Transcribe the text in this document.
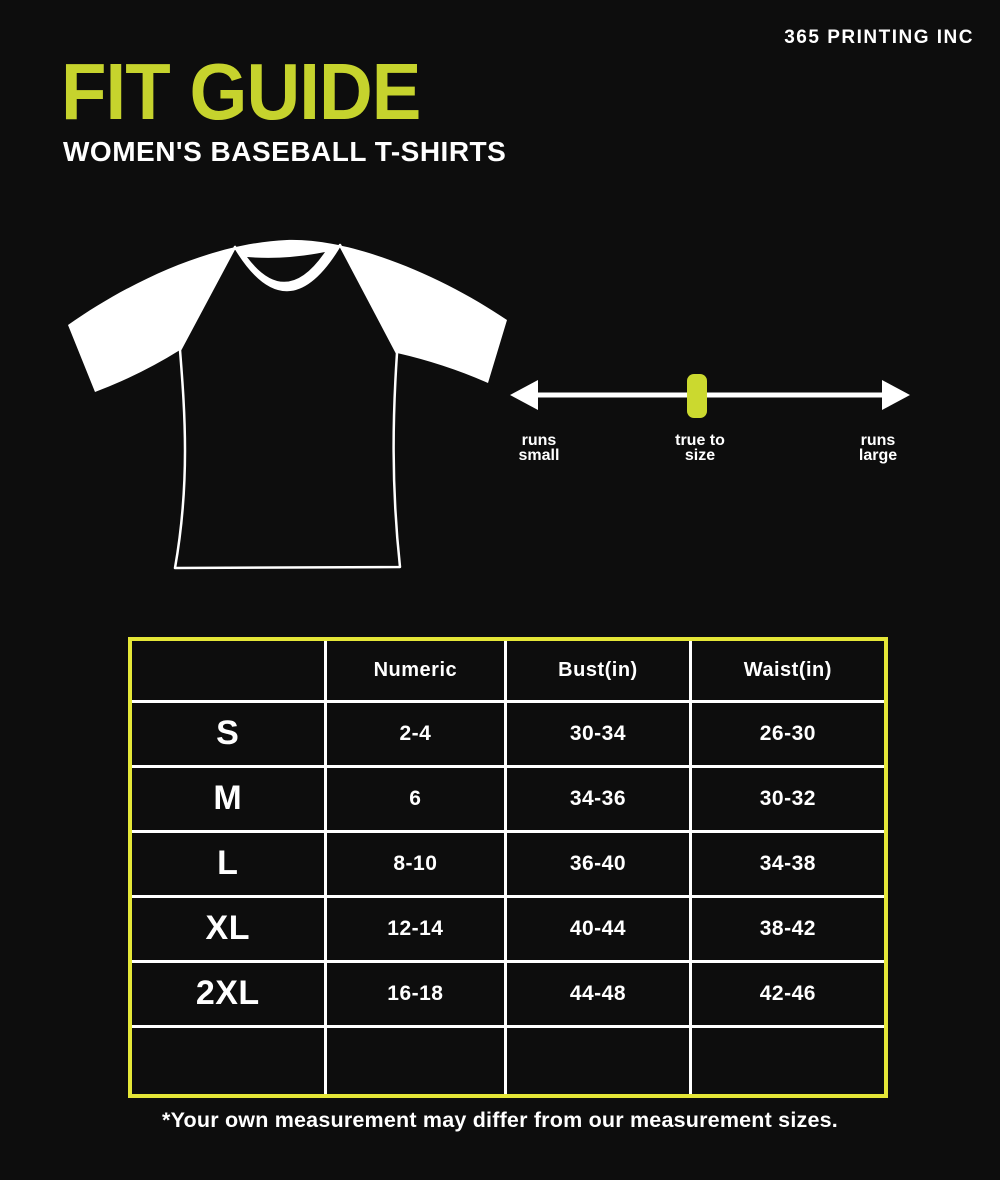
365 PRINTING INC
FIT GUIDE
WOMEN'S BASEBALL T-SHIRTS
runs
small
true to
size
runs
large
	Numeric	Bust(in)	Waist(in)
S	2-4	30-34	26-30
M	6	34-36	30-32
L	8-10	36-40	34-38
XL	12-14	40-44	38-42
2XL	16-18	44-48	42-46

*Your own measurement may differ from our measurement sizes.
